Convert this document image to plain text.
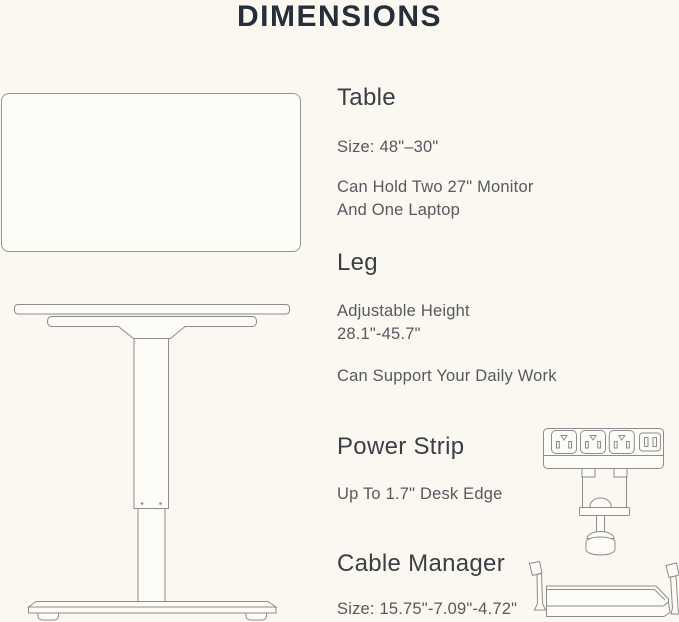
DIMENSIONS
Table
Size: 48"–30"
Can Hold Two 27" Monitor
And One Laptop
Leg
Adjustable Height
28.1"-45.7"
Can Support Your Daily Work
Power Strip
Up To 1.7" Desk Edge
Cable Manager
Size: 15.75"-7.09"-4.72"
